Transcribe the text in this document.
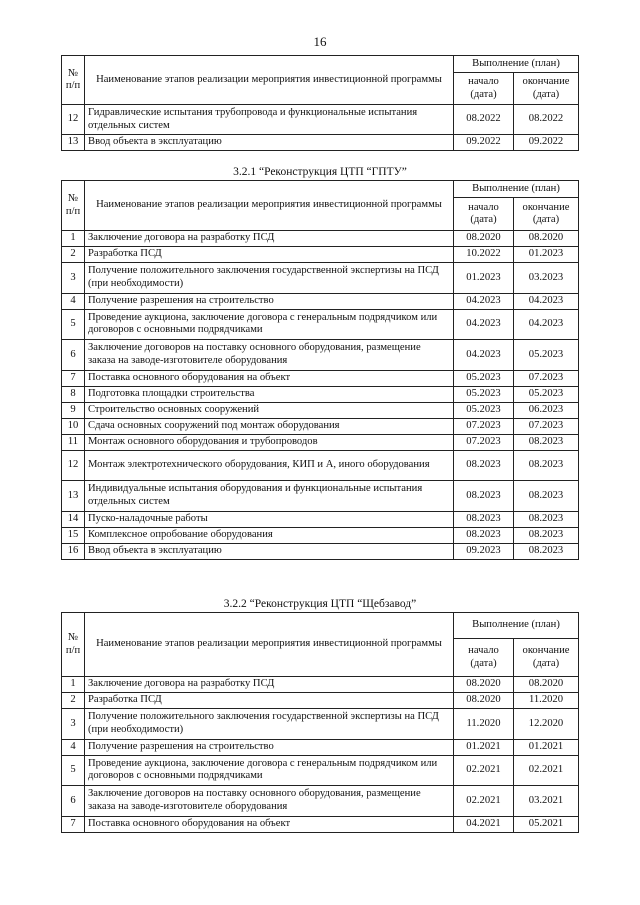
16
№ п/п	Наименование этапов реализации мероприятия инвестиционной программы	Выполнение (план)	
		начало (дата)	окончание (дата)
12	Гидравлические испытания трубопровода и функциональные испытания отдельных систем	08.2022	08.2022
13	Ввод объекта в эксплуатацию	09.2022	09.2022
3.2.1 “Реконструкция ЦТП “ГПТУ”
№ п/п	Наименование этапов реализации мероприятия инвестиционной программы	Выполнение (план)	
		начало (дата)	окончание (дата)
1	Заключение договора на разработку ПСД	08.2020	08.2020
2	Разработка ПСД	10.2022	01.2023
3	Получение положительного заключения государственной экспертизы на ПСД (при необходимости)	01.2023	03.2023
4	Получение разрешения на строительство	04.2023	04.2023
5	Проведение аукциона, заключение договора с генеральным подрядчиком или договоров с основными подрядчиками	04.2023	04.2023
6	Заключение договоров на поставку основного оборудования, размещение заказа на заводе-изготовителе оборудования	04.2023	05.2023
7	Поставка основного оборудования на объект	05.2023	07.2023
8	Подготовка площадки строительства	05.2023	05.2023
9	Строительство основных сооружений	05.2023	06.2023
10	Сдача основных сооружений под монтаж оборудования	07.2023	07.2023
11	Монтаж основного оборудования и трубопроводов	07.2023	08.2023
12	Монтаж электротехнического оборудования, КИП и А, иного оборудования	08.2023	08.2023
13	Индивидуальные испытания оборудования и функциональные испытания отдельных систем	08.2023	08.2023
14	Пуско-наладочные работы	08.2023	08.2023
15	Комплексное опробование оборудования	08.2023	08.2023
16	Ввод объекта в эксплуатацию	09.2023	08.2023
3.2.2 “Реконструкция ЦТП “Щебзавод”
№ п/п	Наименование этапов реализации мероприятия инвестиционной программы	Выполнение (план)	
		начало (дата)	окончание (дата)
1	Заключение договора на разработку ПСД	08.2020	08.2020
2	Разработка ПСД	08.2020	11.2020
3	Получение положительного заключения государственной экспертизы на ПСД (при необходимости)	11.2020	12.2020
4	Получение разрешения на строительство	01.2021	01.2021
5	Проведение аукциона, заключение договора с генеральным подрядчиком или договоров с основными подрядчиками	02.2021	02.2021
6	Заключение договоров на поставку основного оборудования, размещение заказа на заводе-изготовителе оборудования	02.2021	03.2021
7	Поставка основного оборудования на объект	04.2021	05.2021
